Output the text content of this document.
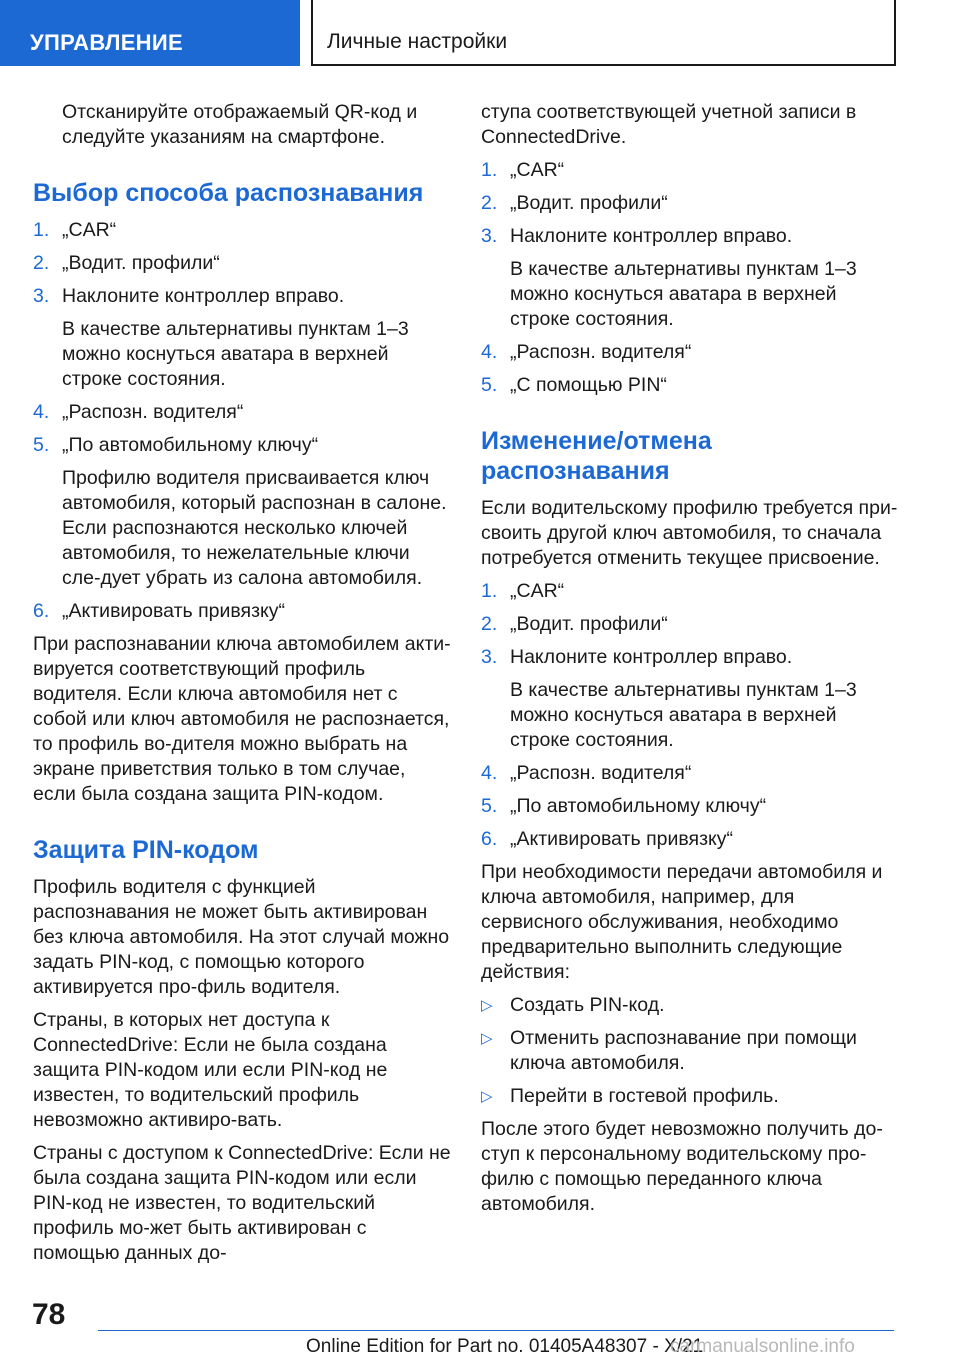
УПРАВЛЕНИЕ	Личные настройки
Отсканируйте отображаемый QR-код и следуйте указаниям на смартфоне.
Выбор способа распознавания
1. „CAR“
2. „Водит. профили“
3. Наклоните контроллер вправо.
В качестве альтернативы пунктам 1–3 можно коснуться аватара в верхней строке состояния.
4. „Распозн. водителя“
5. „По автомобильному ключу“
Профилю водителя присваивается ключ автомобиля, который распознан в салоне. Если распознаются несколько ключей автомобиля, то нежелательные ключи сле-дует убрать из салона автомобиля.
6. „Активировать привязку“
При распознавании ключа автомобилем акти-вируется соответствующий профиль водителя. Если ключа автомобиля нет с собой или ключ автомобиля не распознается, то профиль во-дителя можно выбрать на экране приветствия только в том случае, если была создана защита PIN-кодом.
Защита PIN-кодом
Профиль водителя с функцией распознавания не может быть активирован без ключа автомобиля. На этот случай можно задать PIN-код, с помощью которого активируется про-филь водителя.
Страны, в которых нет доступа к ConnectedDrive: Если не была создана защита PIN-кодом или если PIN-код не известен, то водительский профиль невозможно активиро-вать.
Страны с доступом к ConnectedDrive: Если не была создана защита PIN-кодом или если PIN-код не известен, то водительский профиль мо-жет быть активирован с помощью данных до-
ступа соответствующей учетной записи в ConnectedDrive.
1. „CAR“
2. „Водит. профили“
3. Наклоните контроллер вправо.
В качестве альтернативы пунктам 1–3 можно коснуться аватара в верхней строке состояния.
4. „Распозн. водителя“
5. „С помощью PIN“
Изменение/отмена распознавания
Если водительскому профилю требуется при-своить другой ключ автомобиля, то сначала потребуется отменить текущее присвоение.
1. „CAR“
2. „Водит. профили“
3. Наклоните контроллер вправо.
В качестве альтернативы пунктам 1–3 можно коснуться аватара в верхней строке состояния.
4. „Распозн. водителя“
5. „По автомобильному ключу“
6. „Активировать привязку“
При необходимости передачи автомобиля и ключа автомобиля, например, для сервисного обслуживания, необходимо предварительно выполнить следующие действия:
▷ Создать PIN-код.
▷ Отменить распознавание при помощи ключа автомобиля.
▷ Перейти в гостевой профиль.
После этого будет невозможно получить до-ступ к персональному водительскому про-филю с помощью переданного ключа автомобиля.
78
Online Edition for Part no. 01405A48307 - X/21
carmanualsonline.info
